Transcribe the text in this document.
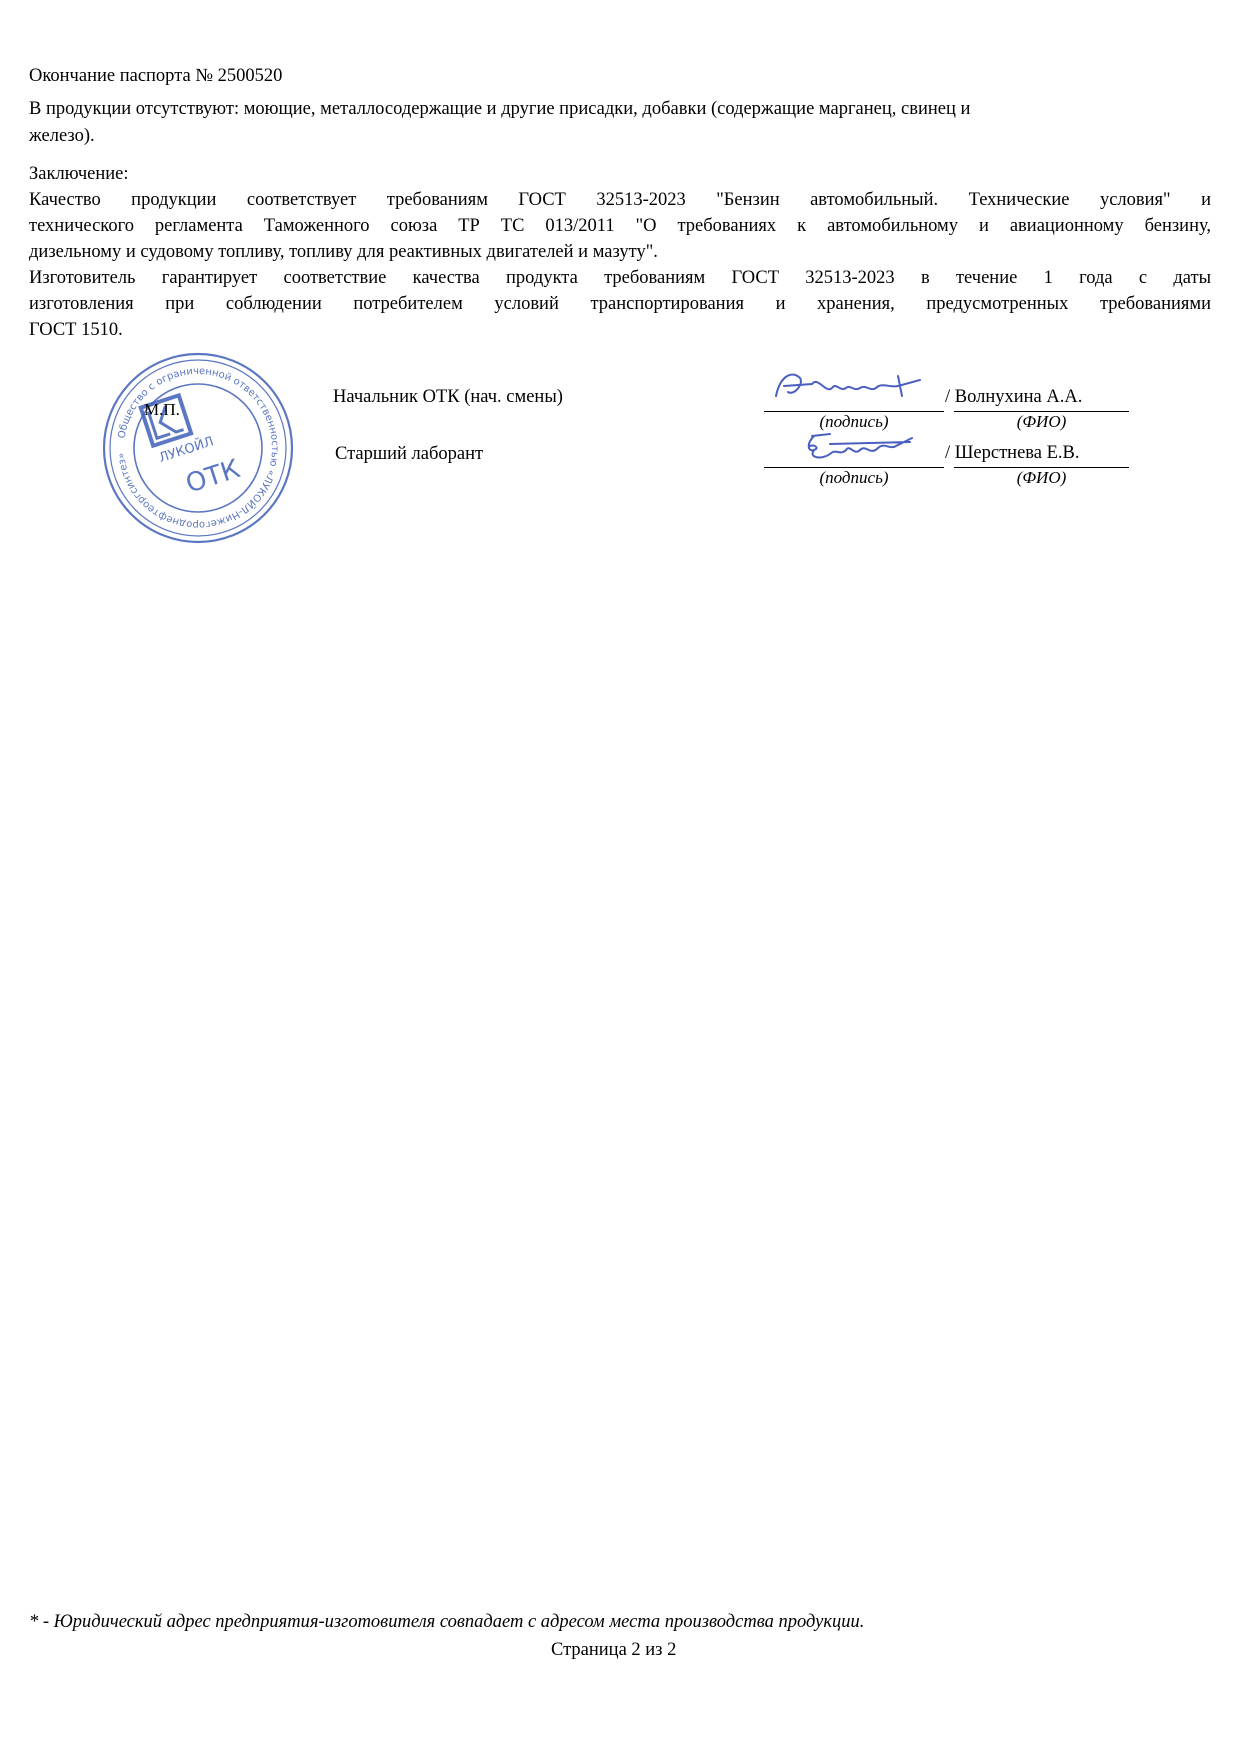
Окончание паспорта № 2500520
В продукции отсутствуют: моющие, металлосодержащие и другие присадки, добавки (содержащие марганец, свинец и
железо).
Заключение:
Качество продукции соответствует требованиям ГОСТ 32513-2023 "Бензин автомобильный. Технические условия" и
технического регламента Таможенного союза ТР ТС 013/2011 "О требованиях к автомобильному и авиационному бензину,
дизельному и судовому топливу, топливу для реактивных двигателей и мазуту".
Изготовитель гарантирует соответствие качества продукта требованиям ГОСТ 32513-2023 в течение 1 года с даты
изготовления при соблюдении потребителем условий транспортирования и хранения, предусмотренных требованиями
ГОСТ 1510.
Общество с ограниченной ответственностью «ЛУКОЙЛ-Нижегороднефтеоргсинтез»	ЛУКОЙЛ
ОТК
М.П.
Начальник ОТК (нач. смены)	/ Волнухина А.А.
(подпись)	(ФИО)
Старший лаборант	/ Шерстнева Е.В.
(подпись)	(ФИО)
* - Юридический адрес предприятия-изготовителя совпадает с адресом места производства продукции.
Страница 2 из 2
